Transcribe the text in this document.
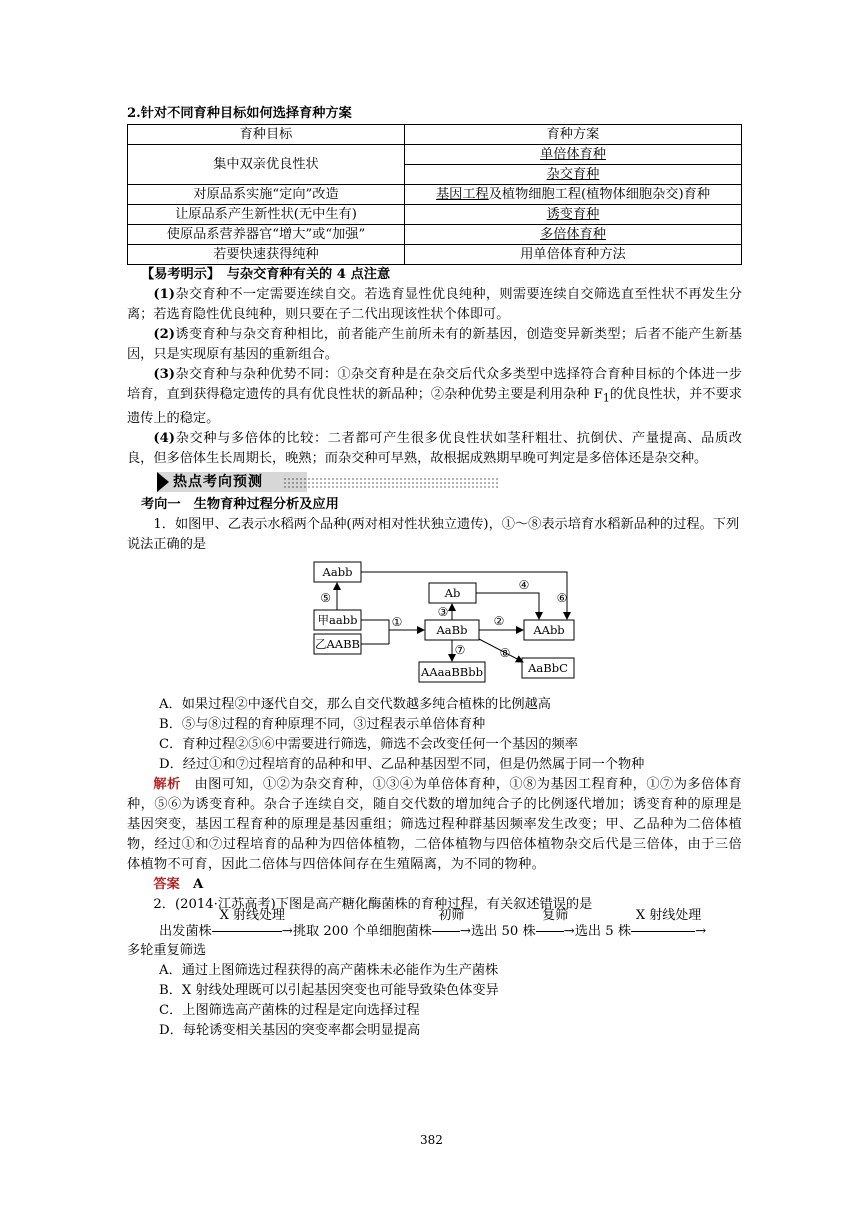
2.针对不同育种目标如何选择育种方案

育种目标	育种方案
集中双亲优良性状	单倍体育种
	杂交育种
对原品系实施“定向”改造	基因工程及植物细胞工程(植物体细胞杂交)育种
让原品系产生新性状(无中生有)	诱变育种
使原品系营养器官“增大”或“加强”	多倍体育种
若要快速获得纯种	用单倍体育种方法

【易考明示】　与杂交育种有关的 4 点注意

(1)杂交育种不一定需要连续自交。若选育显性优良纯种，则需要连续自交筛选直至性状不再发生分离；若选育隐性优良纯种，则只要在子二代出现该性状个体即可。

(2)诱变育种与杂交育种相比，前者能产生前所未有的新基因，创造变异新类型；后者不能产生新基因，只是实现原有基因的重新组合。

(3)杂交育种与杂种优势不同：①杂交育种是在杂交后代众多类型中选择符合育种目标的个体进一步培育，直到获得稳定遗传的具有优良性状的新品种；②杂种优势主要是利用杂种 $F_1$的优良性状，并不要求遗传上的稳定。

(4)杂交种与多倍体的比较：二者都可产生很多优良性状如茎秆粗壮、抗倒伏、产量提高、品质改良，但多倍体生长周期长，晚熟；而杂交种可早熟，故根据成熟期早晚可判定是多倍体还是杂交种。

热点考向预测

考向一　生物育种过程分析及应用

1．如图甲、乙表示水稻两个品种(两对相对性状独立遗传)，①～⑧表示培育水稻新品种的过程。下列说法正确的是

Aabb
Ab
甲aabb
乙AABB
AaBb	AAbb
AAaaBBbb	AaBbC
⑤	⑥
④
①
③
②
⑦	⑧

A．如果过程②中逐代自交，那么自交代数越多纯合植株的比例越高

B．⑤与⑧过程的育种原理不同，③过程表示单倍体育种

C．育种过程②⑤⑥中需要进行筛选，筛选不会改变任何一个基因的频率

D．经过①和⑦过程培育的品种和甲、乙品种基因型不同，但是仍然属于同一个物种

解析　由图可知，①②为杂交育种，①③④为单倍体育种，①⑧为基因工程育种，①⑦为多倍体育种，⑤⑥为诱变育种。杂合子连续自交，随自交代数的增加纯合子的比例逐代增加；诱变育种的原理是基因突变，基因工程育种的原理是基因重组；筛选过程种群基因频率发生改变；甲、乙品种为二倍体植物，经过①和⑦过程培育的品种为四倍体植物，二倍体植物与四倍体植物杂交后代是三倍体，由于三倍体植物不可育，因此二倍体与四倍体间存在生殖隔离，为不同的物种。

答案　 A

2．(2014·江苏高考)下图是高产糖化酶菌株的育种过程，有关叙述错误的是

出发菌株
X 射线处理
→挑取 200 个单细胞菌株
初筛
→选出 50 株
复筛
→选出 5 株
X 射线处理
→

多轮重复筛选

A．通过上图筛选过程获得的高产菌株未必能作为生产菌株

B．X 射线处理既可以引起基因突变也可能导致染色体变异

C．上图筛选高产菌株的过程是定向选择过程

D．每轮诱变相关基因的突变率都会明显提高

382
